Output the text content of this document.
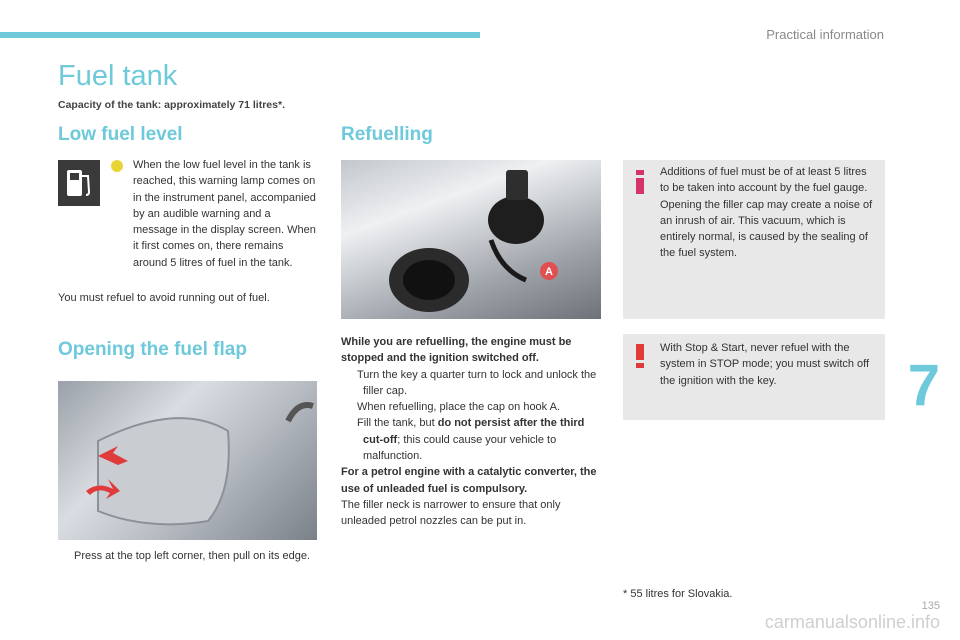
Practical information
Fuel tank
Capacity of the tank: approximately 71 litres*.
Low fuel level
When the low fuel level in the tank is reached, this warning lamp comes on in the instrument panel, accompanied by an audible warning and a message in the display screen. When it first comes on, there remains around 5 litres of fuel in the tank.
You must refuel to avoid running out of fuel.
Opening the fuel flap
Press at the top left corner, then pull on its edge.
Refuelling
A
While you are refuelling, the engine must be stopped and the ignition switched off.
Turn the key a quarter turn to lock and unlock the filler cap.
When refuelling, place the cap on hook A.
Fill the tank, but do not persist after the third cut-off; this could cause your vehicle to malfunction.
For a petrol engine with a catalytic converter, the use of unleaded fuel is compulsory.
The filler neck is narrower to ensure that only unleaded petrol nozzles can be put in.
Additions of fuel must be of at least 5 litres to be taken into account by the fuel gauge.
Opening the filler cap may create a noise of an inrush of air. This vacuum, which is entirely normal, is caused by the sealing of the fuel system.
With Stop & Start, never refuel with the system in STOP mode; you must switch off the ignition with the key.
* 55 litres for Slovakia.
7
carmanualsonline.info
135
